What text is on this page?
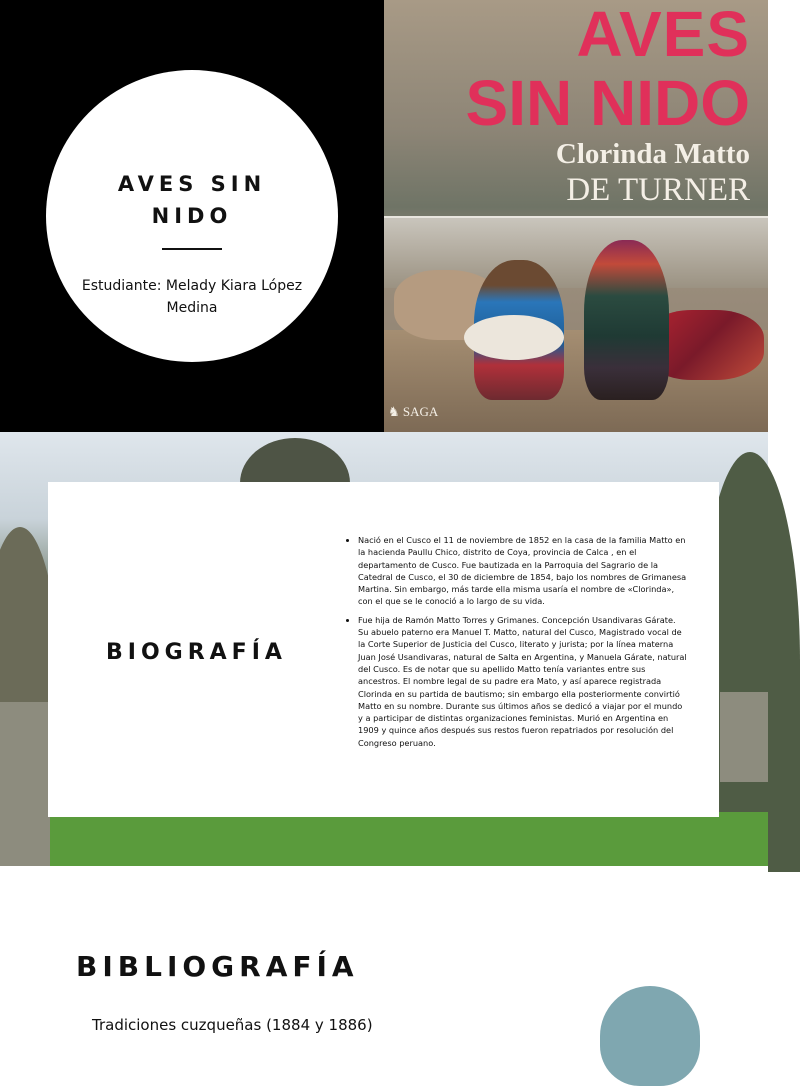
AVES SIN NIDO
Estudiante: Melady Kiara López Medina
AVES
SIN NIDO
Clorinda Matto
DE TURNER
♞ SAGA
BIOGRAFÍA
• Nació en el Cusco el 11 de noviembre de 1852 en la casa de la familia Matto en la hacienda Paullu Chico, distrito de Coya, provincia de Calca , en el departamento de Cusco. Fue bautizada en la Parroquia del Sagrario de la Catedral de Cusco, el 30 de diciembre de 1854, bajo los nombres de Grimanesa Martina. Sin embargo, más tarde ella misma usaría el nombre de «Clorinda», con el que se le conoció a lo largo de su vida.
• Fue hija de Ramón Matto Torres y Grimanes. Concepción Usandivaras Gárate. Su abuelo paterno era Manuel T. Matto, natural del Cusco, Magistrado vocal de la Corte Superior de Justicia del Cusco, literato y jurista; por la línea materna Juan José Usandivaras, natural de Salta en Argentina, y Manuela Gárate, natural del Cusco. Es de notar que su apellido Matto tenía variantes entre sus ancestros. El nombre legal de su padre era Mato, y así aparece registrada Clorinda en su partida de bautismo; sin embargo ella posteriormente convirtió Matto en su nombre. Durante sus últimos años se dedicó a viajar por el mundo y a participar de distintas organizaciones feministas. Murió en Argentina en 1909 y quince años después sus restos fueron repatriados por resolución del Congreso peruano.
BIBLIOGRAFÍA
Tradiciones cuzqueñas (1884 y 1886)
